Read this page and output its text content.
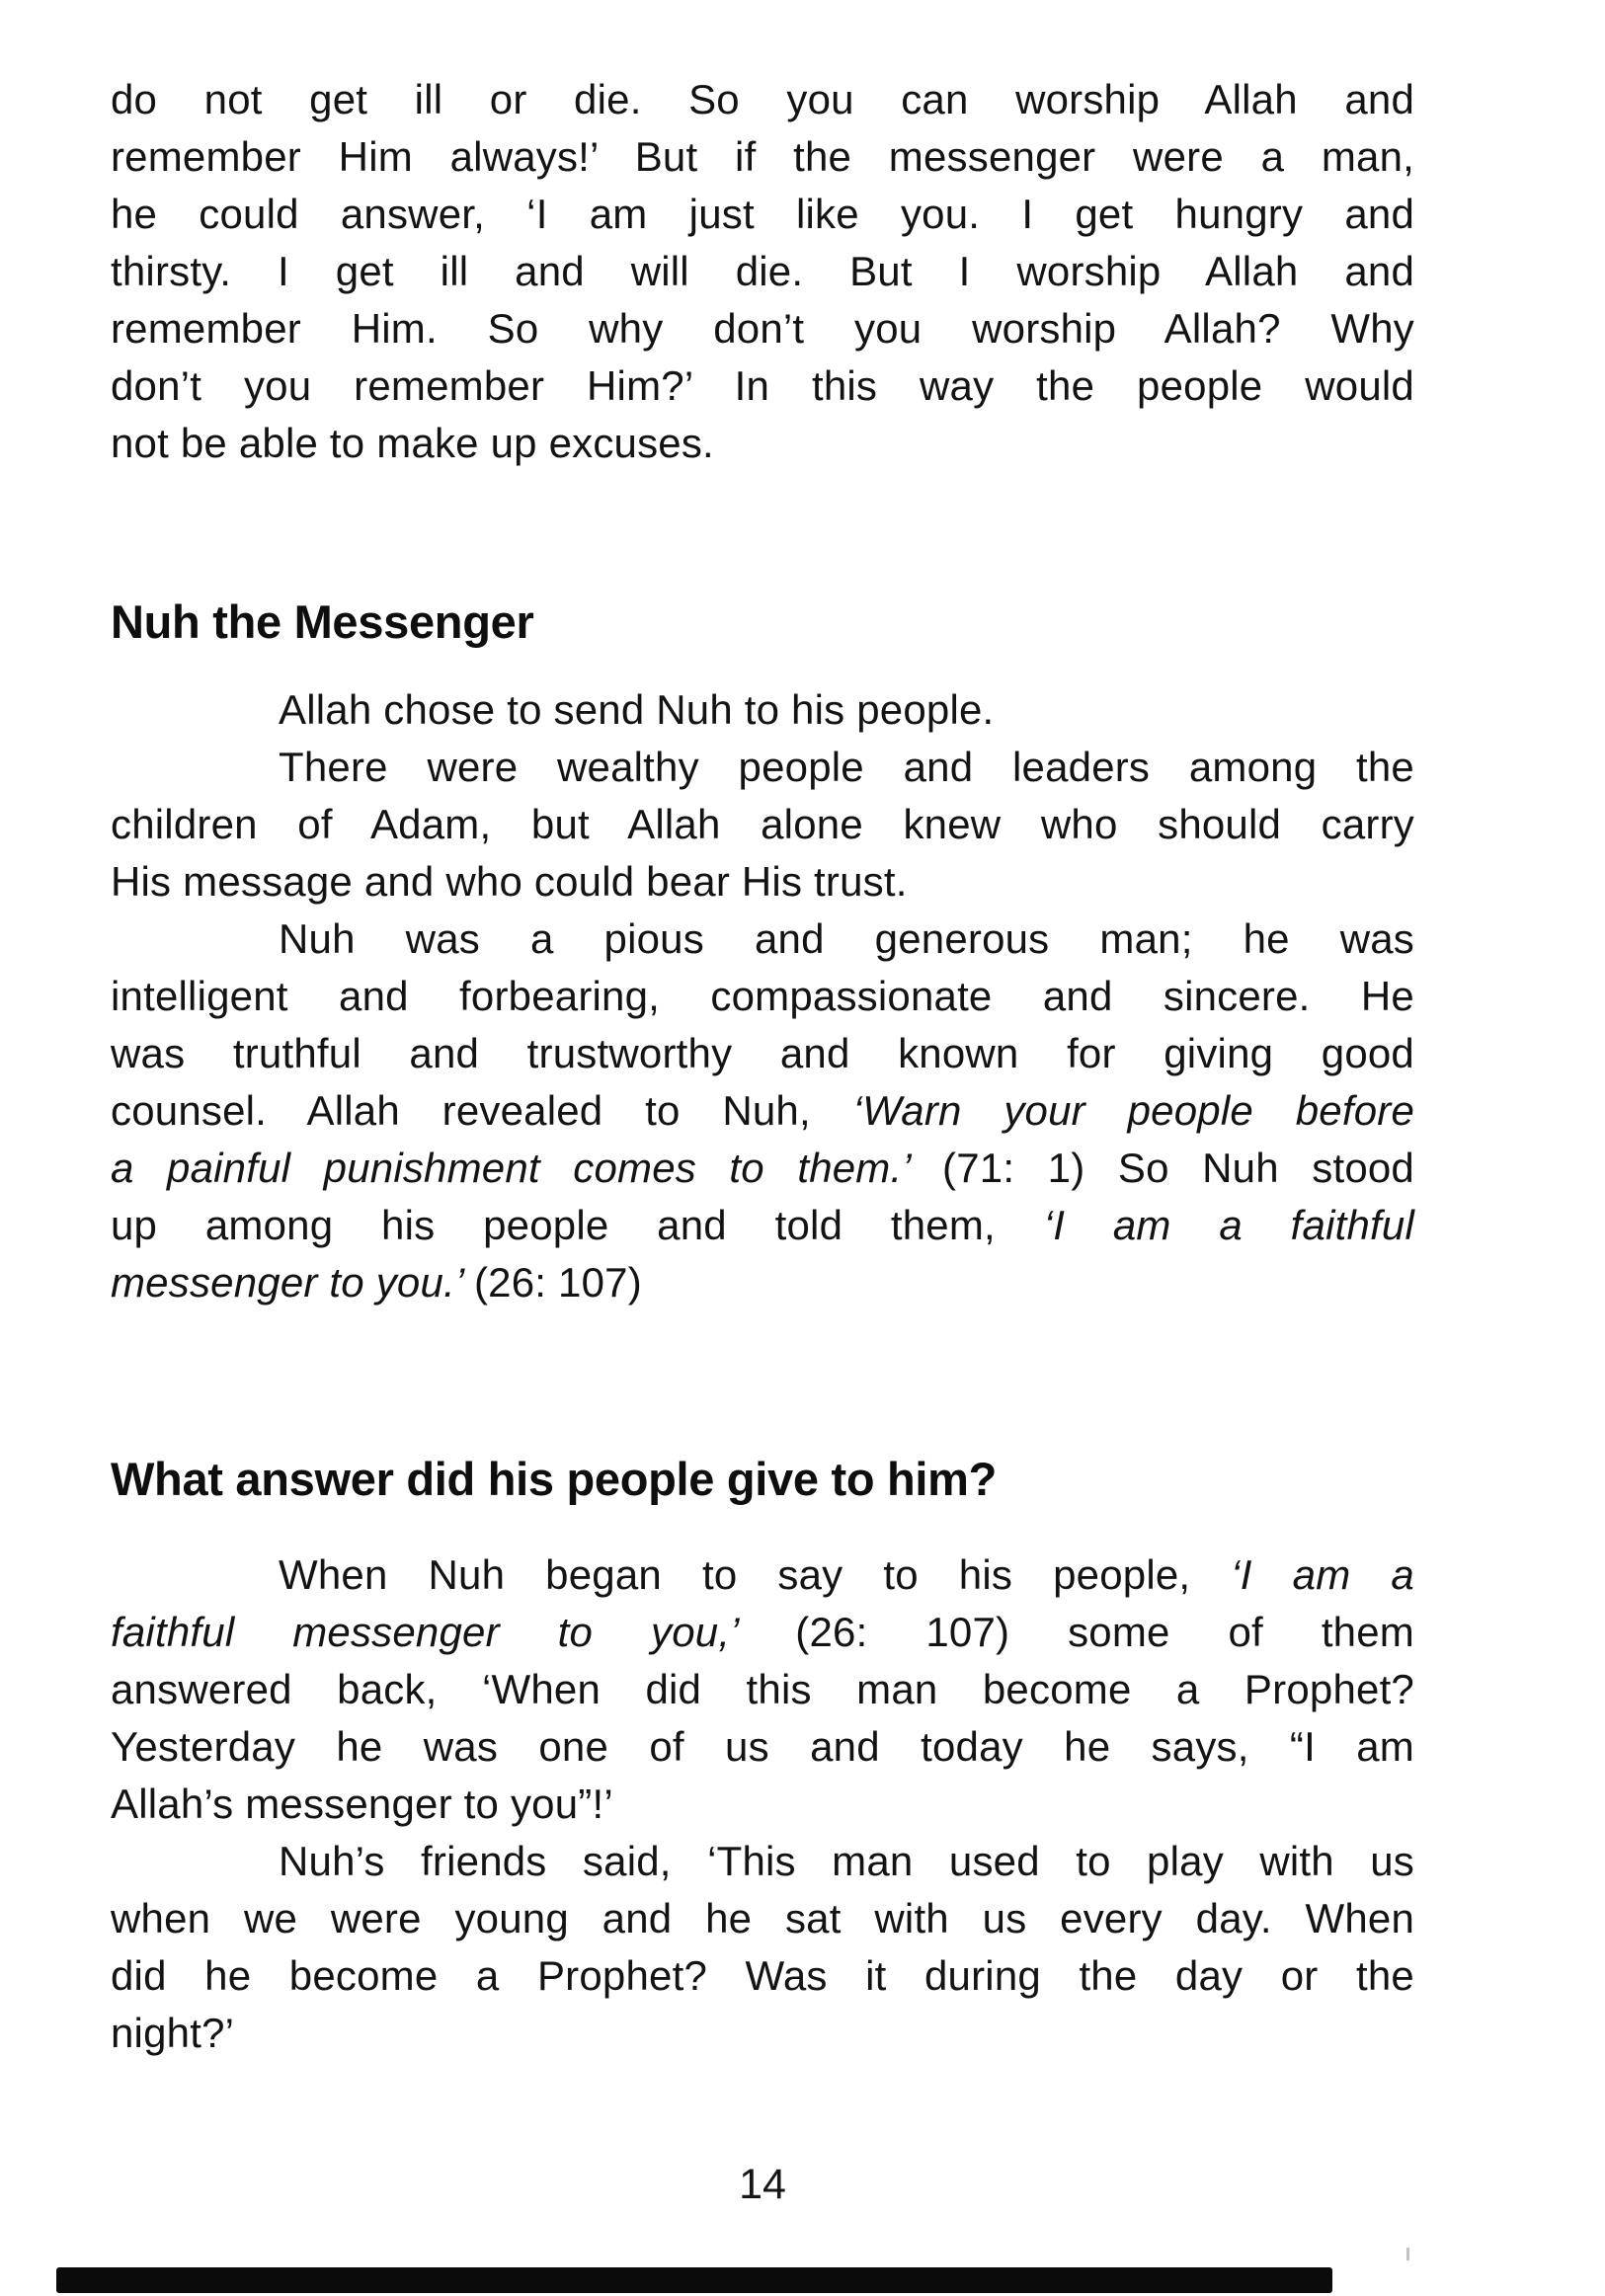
do not get ill or die. So you can worship Allah and
remember Him always!’ But if the messenger were a man,
he could answer, ‘I am just like you. I get hungry and
thirsty. I get ill and will die. But I worship Allah and
remember Him. So why don’t you worship Allah? Why
don’t you remember Him?’ In this way the people would
not be able to make up excuses.
Nuh the Messenger
Allah chose to send Nuh to his people.
There were wealthy people and leaders among the
children of Adam, but Allah alone knew who should carry
His message and who could bear His trust.
Nuh was a pious and generous man; he was
intelligent and forbearing, compassionate and sincere. He
was truthful and trustworthy and known for giving good
counsel. Allah revealed to Nuh, ‘Warn your people before
a painful punishment comes to them.’ (71: 1) So Nuh stood
up among his people and told them, ‘I am a faithful
messenger to you.’ (26: 107)
What answer did his people give to him?
When Nuh began to say to his people, ‘I am a
faithful messenger to you,’ (26: 107) some of them
answered back, ‘When did this man become a Prophet?
Yesterday he was one of us and today he says, “I am
Allah’s messenger to you”!’
Nuh’s friends said, ‘This man used to play with us
when we were young and he sat with us every day. When
did he become a Prophet? Was it during the day or the
night?’
14
